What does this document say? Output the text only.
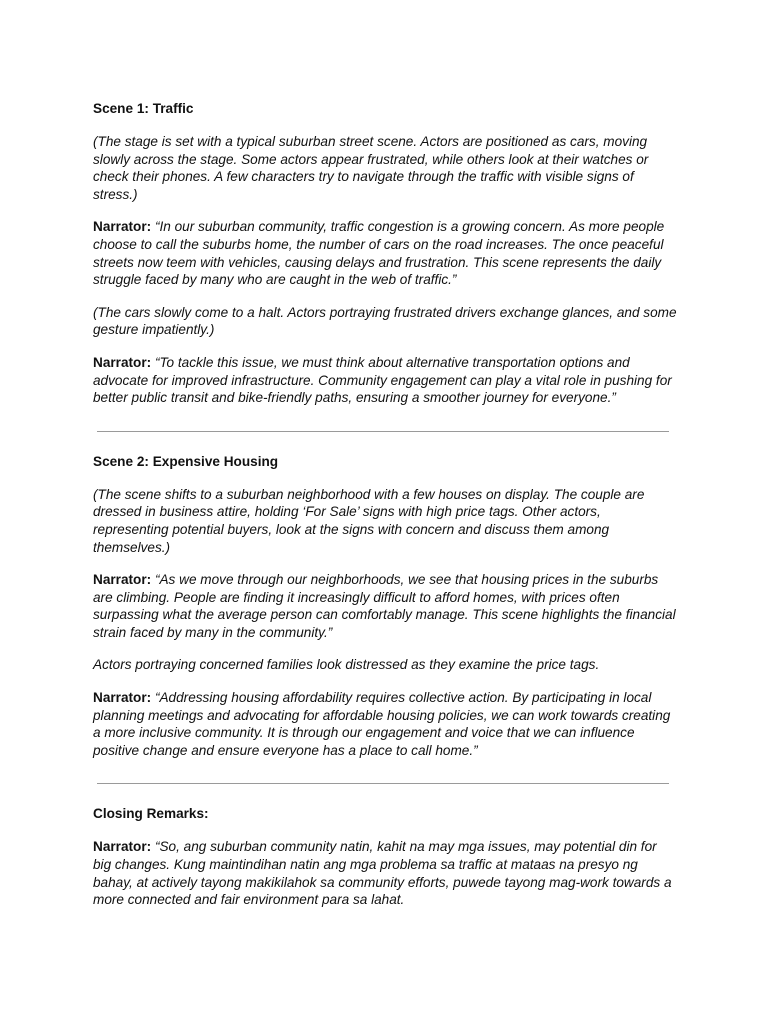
Scene 1: Traffic

(The stage is set with a typical suburban street scene. Actors are positioned as cars, moving slowly across the stage. Some actors appear frustrated, while others look at their watches or check their phones. A few characters try to navigate through the traffic with visible signs of stress.)

Narrator: “In our suburban community, traffic congestion is a growing concern. As more people choose to call the suburbs home, the number of cars on the road increases. The once peaceful streets now teem with vehicles, causing delays and frustration. This scene represents the daily struggle faced by many who are caught in the web of traffic.”

(The cars slowly come to a halt. Actors portraying frustrated drivers exchange glances, and some gesture impatiently.)

Narrator: “To tackle this issue, we must think about alternative transportation options and advocate for improved infrastructure. Community engagement can play a vital role in pushing for better public transit and bike-friendly paths, ensuring a smoother journey for everyone.”

Scene 2: Expensive Housing

(The scene shifts to a suburban neighborhood with a few houses on display. The couple are dressed in business attire, holding ‘For Sale’ signs with high price tags. Other actors, representing potential buyers, look at the signs with concern and discuss them among themselves.)

Narrator: “As we move through our neighborhoods, we see that housing prices in the suburbs are climbing. People are finding it increasingly difficult to afford homes, with prices often surpassing what the average person can comfortably manage. This scene highlights the financial strain faced by many in the community.”

Actors portraying concerned families look distressed as they examine the price tags.

Narrator: “Addressing housing affordability requires collective action. By participating in local planning meetings and advocating for affordable housing policies, we can work towards creating a more inclusive community. It is through our engagement and voice that we can influence positive change and ensure everyone has a place to call home.”

Closing Remarks:

Narrator: “So, ang suburban community natin, kahit na may mga issues, may potential din for big changes. Kung maintindihan natin ang mga problema sa traffic at mataas na presyo ng bahay, at actively tayong makikilahok sa community efforts, puwede tayong mag-work towards a more connected and fair environment para sa lahat.
